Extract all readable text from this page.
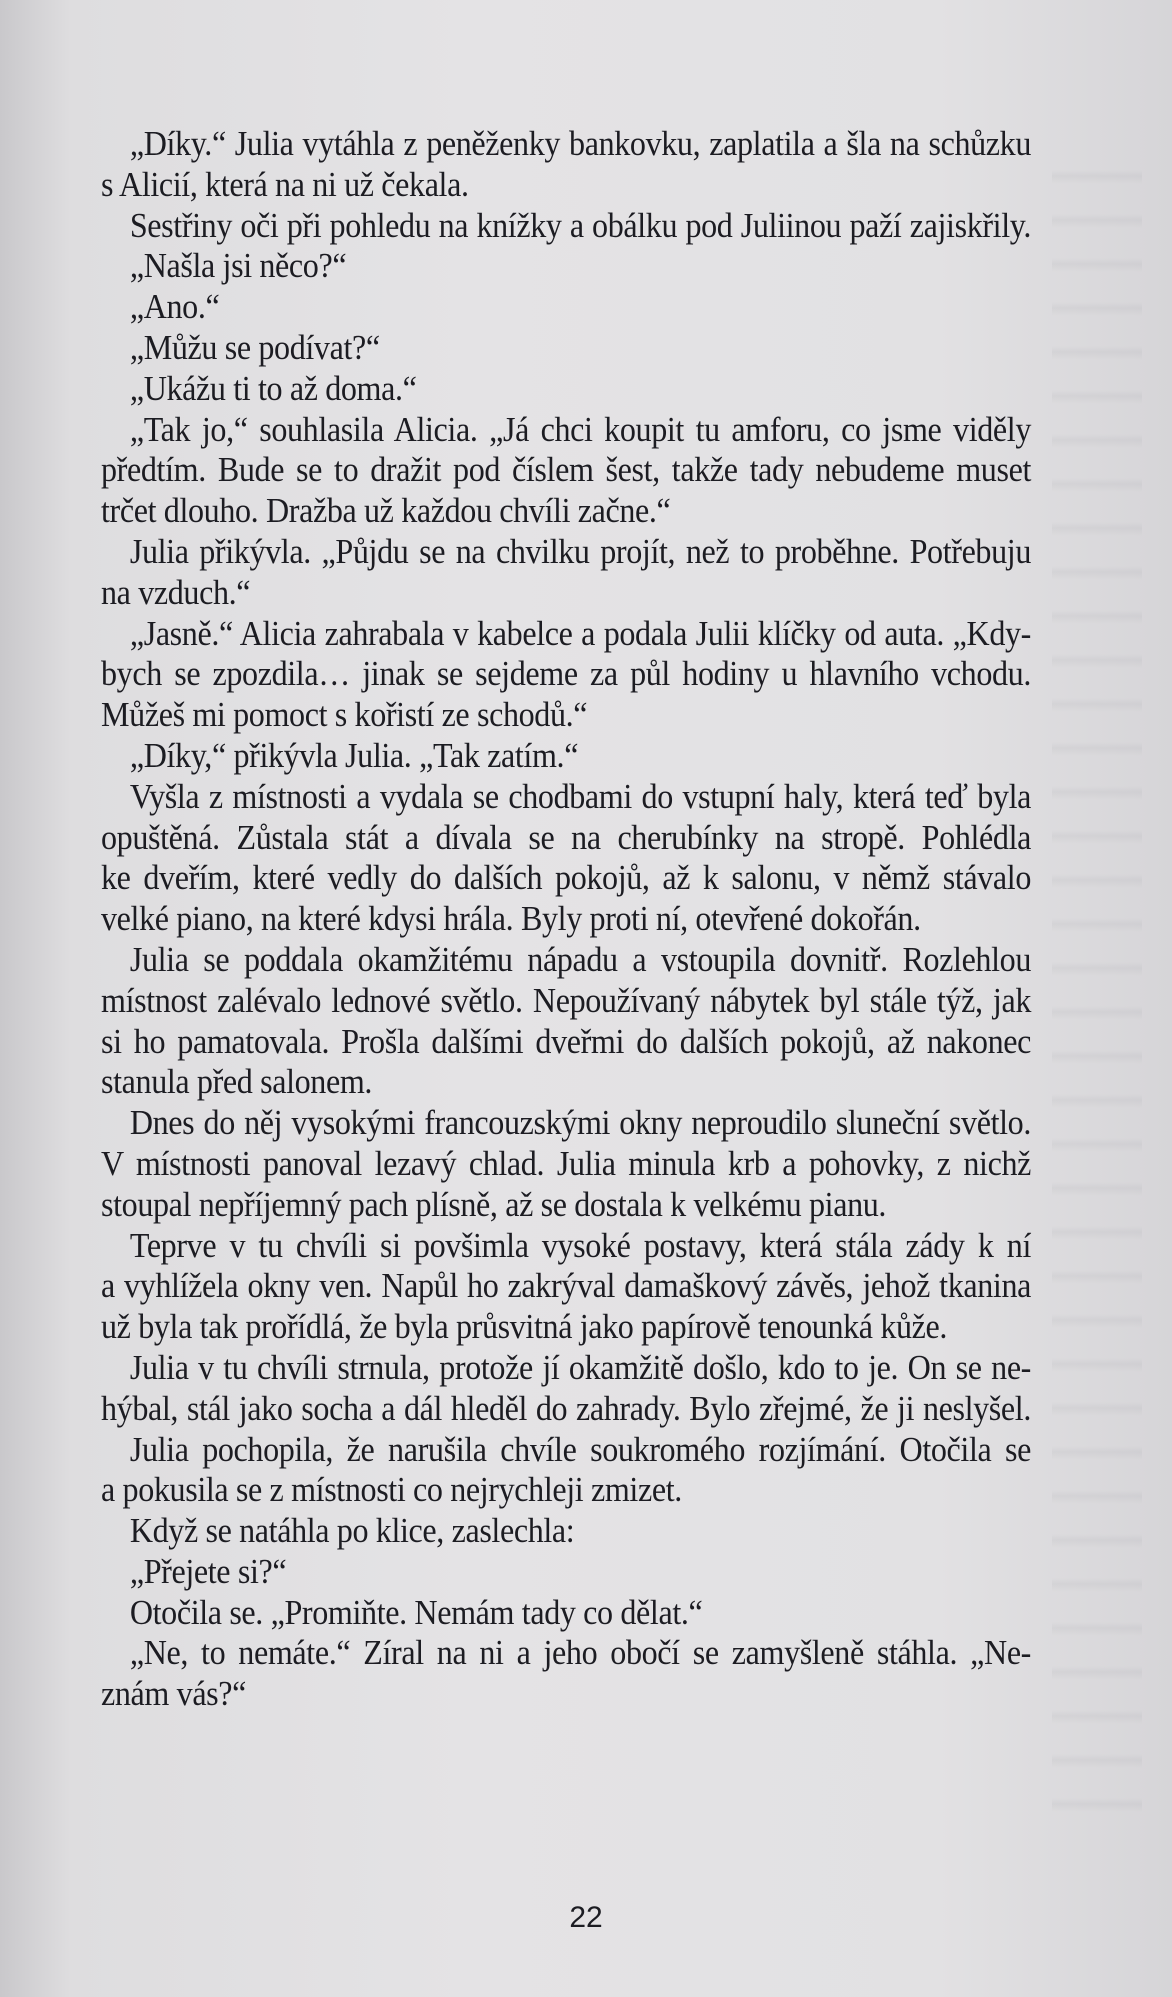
„Díky.“ Julia vytáhla z peněženky bankovku, zaplatila a šla na schůzku
s Alicií, která na ni už čekala.
Sestřiny oči při pohledu na knížky a obálku pod Juliinou paží zajiskřily.
„Našla jsi něco?“
„Ano.“
„Můžu se podívat?“
„Ukážu ti to až doma.“
„Tak jo,“ souhlasila Alicia. „Já chci koupit tu amforu, co jsme viděly
předtím. Bude se to dražit pod číslem šest, takže tady nebudeme muset
trčet dlouho. Dražba už každou chvíli začne.“
Julia přikývla. „Půjdu se na chvilku projít, než to proběhne. Potřebuju
na vzduch.“
„Jasně.“ Alicia zahrabala v kabelce a podala Julii klíčky od auta. „Kdy-
bych se zpozdila… jinak se sejdeme za půl hodiny u hlavního vchodu.
Můžeš mi pomoct s kořistí ze schodů.“
„Díky,“ přikývla Julia. „Tak zatím.“
Vyšla z místnosti a vydala se chodbami do vstupní haly, která teď byla
opuštěná. Zůstala stát a dívala se na cherubínky na stropě. Pohlédla
ke dveřím, které vedly do dalších pokojů, až k salonu, v němž stávalo
velké piano, na které kdysi hrála. Byly proti ní, otevřené dokořán.
Julia se poddala okamžitému nápadu a vstoupila dovnitř. Rozlehlou
místnost zalévalo lednové světlo. Nepoužívaný nábytek byl stále týž, jak
si ho pamatovala. Prošla dalšími dveřmi do dalších pokojů, až nakonec
stanula před salonem.
Dnes do něj vysokými francouzskými okny neproudilo sluneční světlo.
V místnosti panoval lezavý chlad. Julia minula krb a pohovky, z nichž
stoupal nepříjemný pach plísně, až se dostala k velkému pianu.
Teprve v tu chvíli si povšimla vysoké postavy, která stála zády k ní
a vyhlížela okny ven. Napůl ho zakrýval damaškový závěs, jehož tkanina
už byla tak prořídlá, že byla průsvitná jako papírově tenounká kůže.
Julia v tu chvíli strnula, protože jí okamžitě došlo, kdo to je. On se ne-
hýbal, stál jako socha a dál hleděl do zahrady. Bylo zřejmé, že ji neslyšel.
Julia pochopila, že narušila chvíle soukromého rozjímání. Otočila se
a pokusila se z místnosti co nejrychleji zmizet.
Když se natáhla po klice, zaslechla:
„Přejete si?“
Otočila se. „Promiňte. Nemám tady co dělat.“
„Ne, to nemáte.“ Zíral na ni a jeho obočí se zamyšleně stáhla. „Ne-
znám vás?“
22
